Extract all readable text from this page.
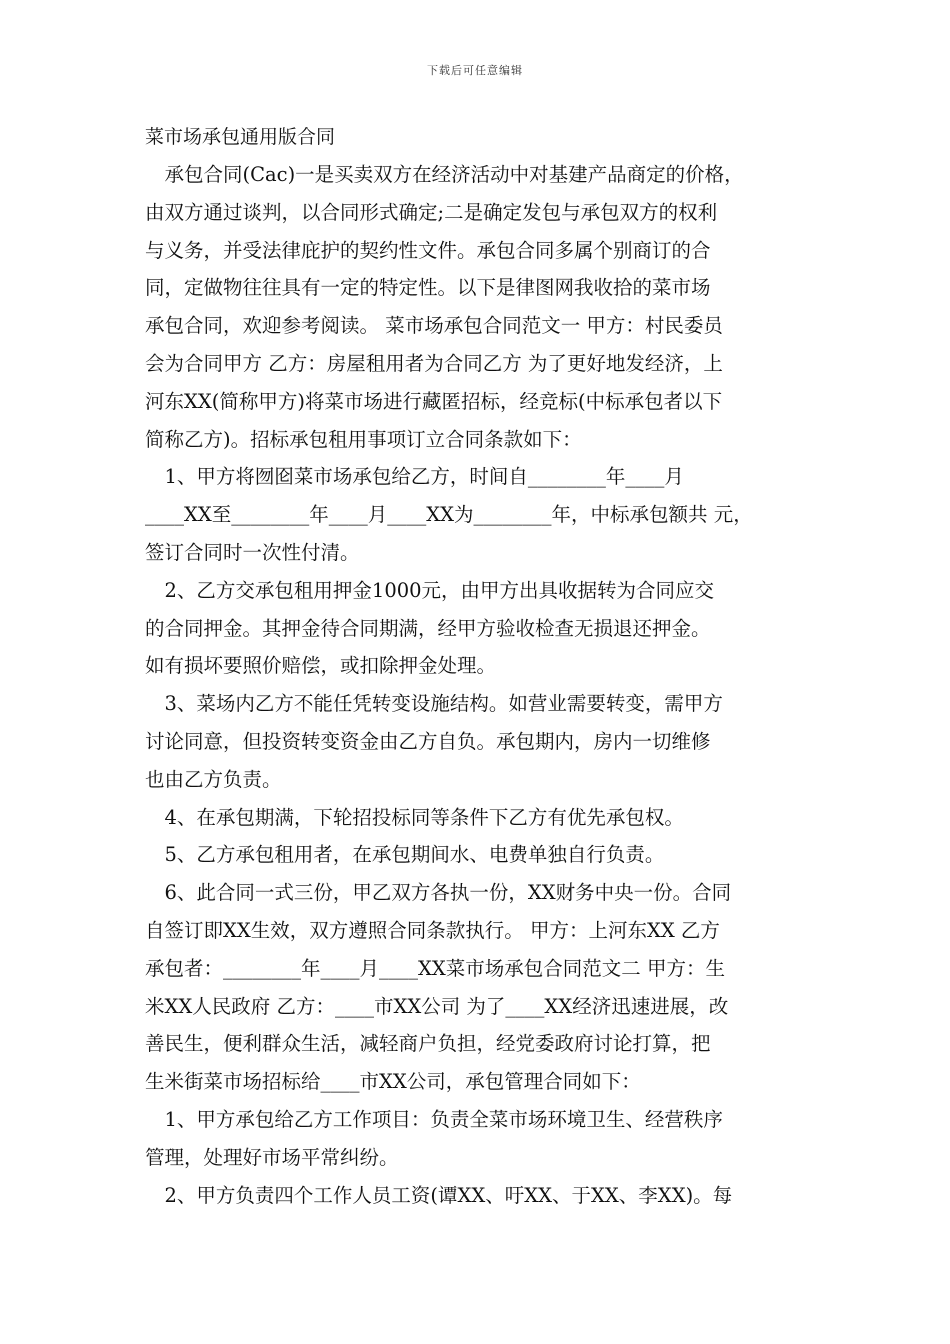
下载后可任意编辑
菜市场承包通用版合同
　承包合同(Cac)一是买卖双方在经济活动中对基建产品商定的价格，
由双方通过谈判，以合同形式确定;二是确定发包与承包双方的权利
与义务，并受法律庇护的契约性文件。承包合同多属个别商订的合
同，定做物往往具有一定的特定性。以下是律图网我收拾的菜市场
承包合同，欢迎参考阅读。 菜市场承包合同范文一 甲方：村民委员
会为合同甲方 乙方：房屋租用者为合同乙方 为了更好地发经济，上
河东XX(简称甲方)将菜市场进行藏匿招标，经竞标(中标承包者以下
简称乙方)。招标承包租用事项订立合同条款如下：
　1、甲方将囫囵菜市场承包给乙方，时间自________年____月
____XX至________年____月____XX为________年，中标承包额共 元，
签订合同时一次性付清。
　2、乙方交承包租用押金1000元，由甲方出具收据转为合同应交
的合同押金。其押金待合同期满，经甲方验收检查无损退还押金。
如有损坏要照价赔偿，或扣除押金处理。
　3、菜场内乙方不能任凭转变设施结构。如营业需要转变，需甲方
讨论同意，但投资转变资金由乙方自负。承包期内，房内一切维修
也由乙方负责。
　4、在承包期满，下轮招投标同等条件下乙方有优先承包权。
　5、乙方承包租用者，在承包期间水、电费单独自行负责。
　6、此合同一式三份，甲乙双方各执一份，XX财务中央一份。合同
自签订即XX生效，双方遵照合同条款执行。 甲方：上河东XX 乙方
承包者：________年____月____XX菜市场承包合同范文二 甲方：生
米XX人民政府 乙方：____市XX公司 为了____XX经济迅速进展，改
善民生，便利群众生活，减轻商户负担，经党委政府讨论打算，把
生米街菜市场招标给____市XX公司，承包管理合同如下：
　1、甲方承包给乙方工作项目：负责全菜市场环境卫生、经营秩序
管理，处理好市场平常纠纷。
　2、甲方负责四个工作人员工资(谭XX、吁XX、于XX、李XX)。每
